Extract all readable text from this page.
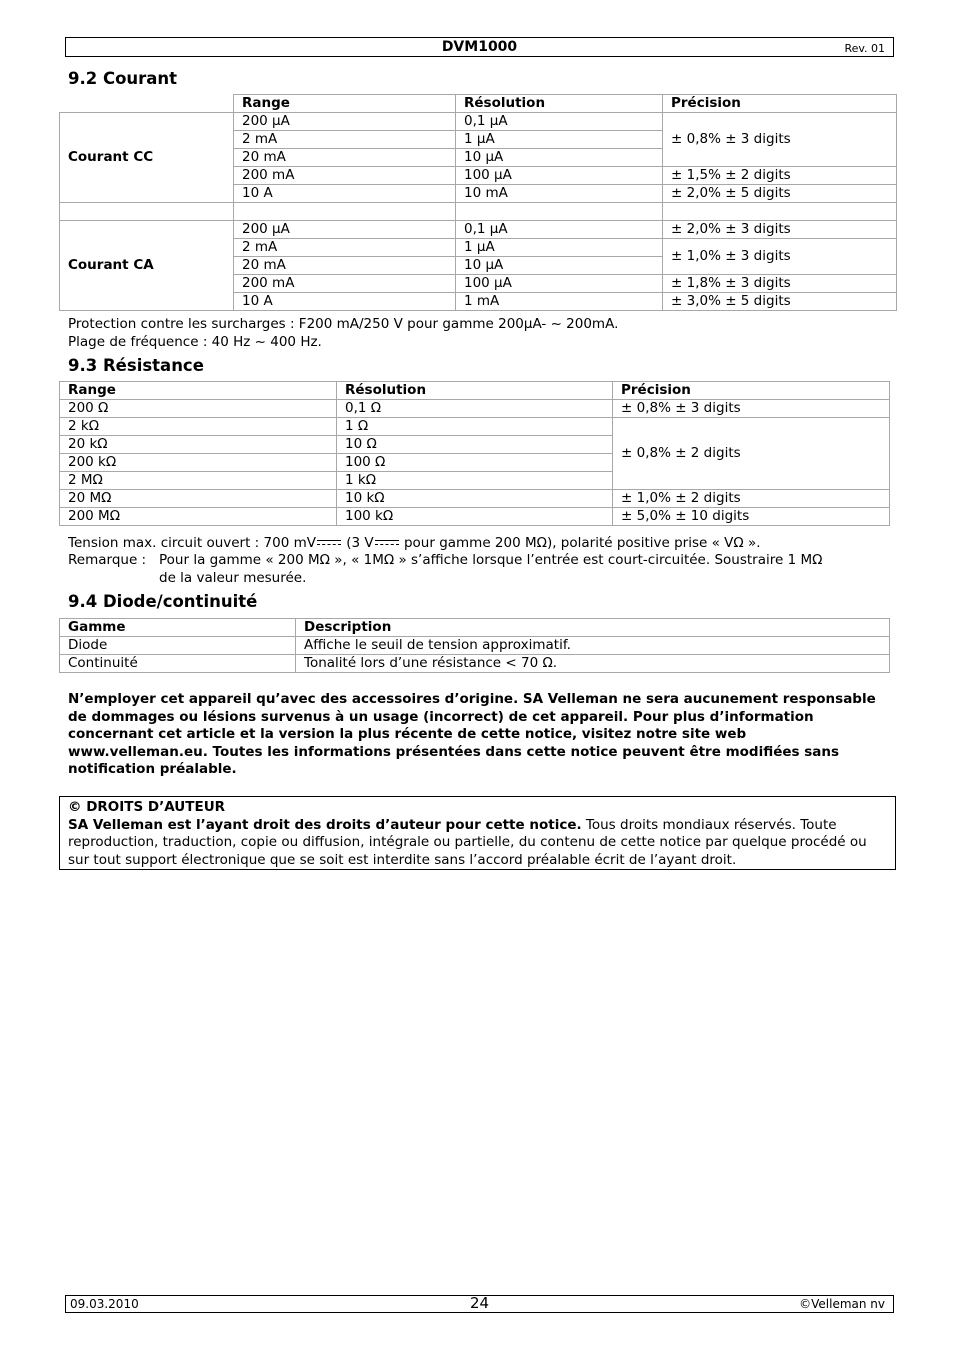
DVM1000	Rev. 01
9.2 Courant
	Range	Résolution	Précision
Courant CC	200 µA	0,1 µA	± 0,8% ± 3 digits
	2 mA	1 µA	
	20 mA	10 µA	
	200 mA	100 µA	± 1,5% ± 2 digits
	10 A	10 mA	± 2,0% ± 5 digits

Courant CA	200 µA	0,1 µA	± 2,0% ± 3 digits
	2 mA	1 µA	± 1,0% ± 3 digits
	20 mA	10 µA	
	200 mA	100 µA	± 1,8% ± 3 digits
	10 A	1 mA	± 3,0% ± 5 digits
Protection contre les surcharges : F200 mA/250 V pour gamme 200µA- ~ 200mA.
Plage de fréquence : 40 Hz ~ 400 Hz.
9.3 Résistance
Range	Résolution	Précision
200 Ω	0,1 Ω	± 0,8% ± 3 digits
2 kΩ	1 Ω	± 0,8% ± 2 digits
20 kΩ	10 Ω	
200 kΩ	100 Ω	
2 MΩ	1 kΩ	
20 MΩ	10 kΩ	± 1,0% ± 2 digits
200 MΩ	100 kΩ	± 5,0% ± 10 digits
Tension max. circuit ouvert : 700 mV (3 V pour gamme 200 MΩ), polarité positive prise « VΩ ».
Remarque : Pour la gamme « 200 MΩ », « 1MΩ » s’affiche lorsque l’entrée est court-circuitée. Soustraire 1 MΩ
de la valeur mesurée.
9.4 Diode/continuité
Gamme	Description
Diode	Affiche le seuil de tension approximatif.
Continuité	Tonalité lors d’une résistance < 70 Ω.
N’employer cet appareil qu’avec des accessoires d’origine. SA Velleman ne sera aucunement responsable de dommages ou lésions survenus à un usage (incorrect) de cet appareil. Pour plus d’information concernant cet article et la version la plus récente de cette notice, visitez notre site web www.velleman.eu. Toutes les informations présentées dans cette notice peuvent être modifiées sans notification préalable.
© DROITS D’AUTEUR
SA Velleman est l’ayant droit des droits d’auteur pour cette notice. Tous droits mondiaux réservés. Toute reproduction, traduction, copie ou diffusion, intégrale ou partielle, du contenu de cette notice par quelque procédé ou sur tout support électronique que se soit est interdite sans l’accord préalable écrit de l’ayant droit.
09.03.2010	24	©Velleman nv
